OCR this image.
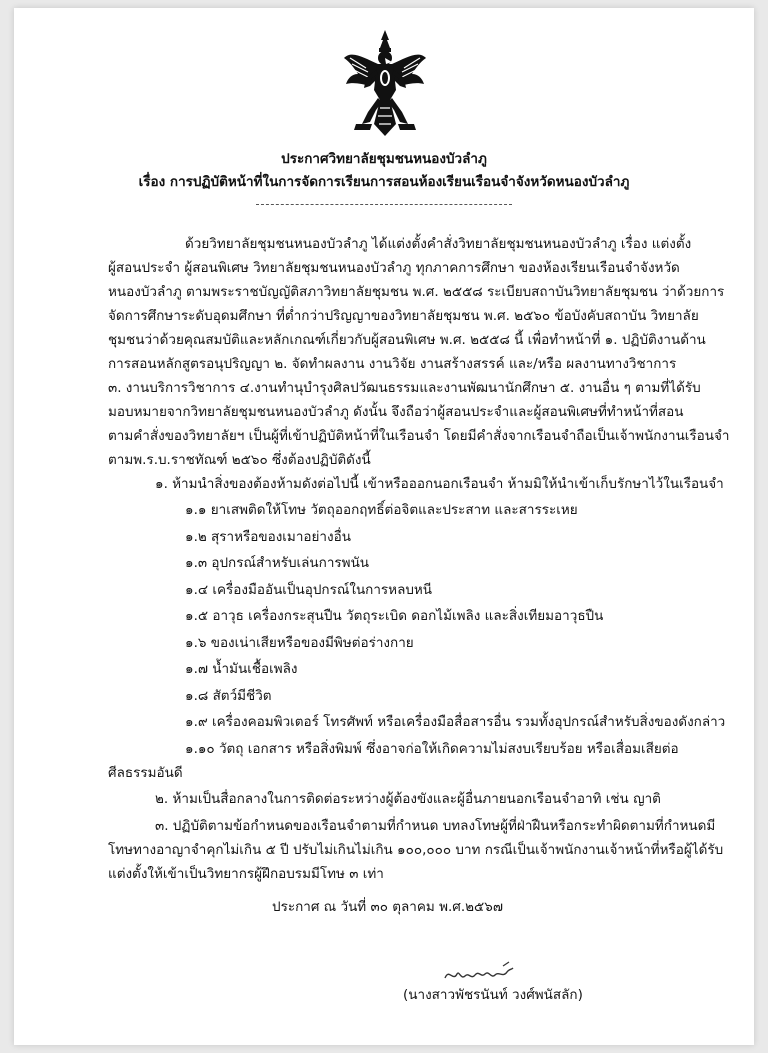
ประกาศวิทยาลัยชุมชนหนองบัวลำภู
เรื่อง การปฏิบัติหน้าที่ในการจัดการเรียนการสอนห้องเรียนเรือนจำจังหวัดหนองบัวลำภู
ด้วยวิทยาลัยชุมชนหนองบัวลำภู ได้แต่งตั้งคำสั่งวิทยาลัยชุมชนหนองบัวลำภู เรื่อง แต่งตั้ง
ผู้สอนประจำ ผู้สอนพิเศษ วิทยาลัยชุมชนหนองบัวลำภู ทุกภาคการศึกษา ของห้องเรียนเรือนจำจังหวัด
หนองบัวลำภู ตามพระราชบัญญัติสภาวิทยาลัยชุมชน พ.ศ. ๒๕๕๘ ระเบียบสถาบันวิทยาลัยชุมชน ว่าด้วยการ
จัดการศึกษาระดับอุดมศึกษา ที่ต่ำกว่าปริญญาของวิทยาลัยชุมชน พ.ศ. ๒๕๖๐ ข้อบังคับสถาบัน วิทยาลัย
ชุมชนว่าด้วยคุณสมบัติและหลักเกณฑ์เกี่ยวกับผู้สอนพิเศษ พ.ศ. ๒๕๕๘ นี้ เพื่อทำหน้าที่ ๑. ปฏิบัติงานด้าน
การสอนหลักสูตรอนุปริญญา ๒. จัดทำผลงาน งานวิจัย งานสร้างสรรค์ และ/หรือ ผลงานทางวิชาการ
๓. งานบริการวิชาการ ๔.งานทำนุบำรุงศิลปวัฒนธรรมและงานพัฒนานักศึกษา ๕. งานอื่น ๆ ตามที่ได้รับ
มอบหมายจากวิทยาลัยชุมชนหนองบัวลำภู ดังนั้น จึงถือว่าผู้สอนประจำและผู้สอนพิเศษที่ทำหน้าที่สอน
ตามคำสั่งของวิทยาลัยฯ เป็นผู้ที่เข้าปฏิบัติหน้าที่ในเรือนจำ โดยมีคำสั่งจากเรือนจำถือเป็นเจ้าพนักงานเรือนจำ
ตามพ.ร.บ.ราชทัณฑ์ ๒๕๖๐ ซึ่งต้องปฏิบัติดังนี้
๑. ห้ามนำสิ่งของต้องห้ามดังต่อไปนี้ เข้าหรือออกนอกเรือนจำ ห้ามมิให้นำเข้าเก็บรักษาไว้ในเรือนจำ
๑.๑ ยาเสพติดให้โทษ วัตถุออกฤทธิ์ต่อจิตและประสาท และสารระเหย
๑.๒ สุราหรือของเมาอย่างอื่น
๑.๓ อุปกรณ์สำหรับเล่นการพนัน
๑.๔ เครื่องมืออันเป็นอุปกรณ์ในการหลบหนี
๑.๕ อาวุธ เครื่องกระสุนปืน วัตถุระเบิด ดอกไม้เพลิง และสิ่งเทียมอาวุธปืน
๑.๖ ของเน่าเสียหรือของมีพิษต่อร่างกาย
๑.๗ น้ำมันเชื้อเพลิง
๑.๘ สัตว์มีชีวิต
๑.๙ เครื่องคอมพิวเตอร์ โทรศัพท์ หรือเครื่องมือสื่อสารอื่น รวมทั้งอุปกรณ์สำหรับสิ่งของดังกล่าว
๑.๑๐ วัตถุ เอกสาร หรือสิ่งพิมพ์ ซึ่งอาจก่อให้เกิดความไม่สงบเรียบร้อย หรือเสื่อมเสียต่อ
ศีลธรรมอันดี
๒. ห้ามเป็นสื่อกลางในการติดต่อระหว่างผู้ต้องขังและผู้อื่นภายนอกเรือนจำอาทิ เช่น ญาติ
๓. ปฏิบัติตามข้อกำหนดของเรือนจำตามที่กำหนด บทลงโทษผู้ที่ฝ่าฝืนหรือกระทำผิดตามที่กำหนดมี
โทษทางอาญาจำคุกไม่เกิน ๕ ปี ปรับไม่เกินไม่เกิน ๑๐๐,๐๐๐ บาท กรณีเป็นเจ้าพนักงานเจ้าหน้าที่หรือผู้ได้รับ
แต่งตั้งให้เข้าเป็นวิทยากรผู้ฝึกอบรมมีโทษ ๓ เท่า
ประกาศ ณ วันที่ ๓๐ ตุลาคม พ.ศ.๒๕๖๗
(นางสาวพัชรนันท์ วงศ์พนัสลัก)
